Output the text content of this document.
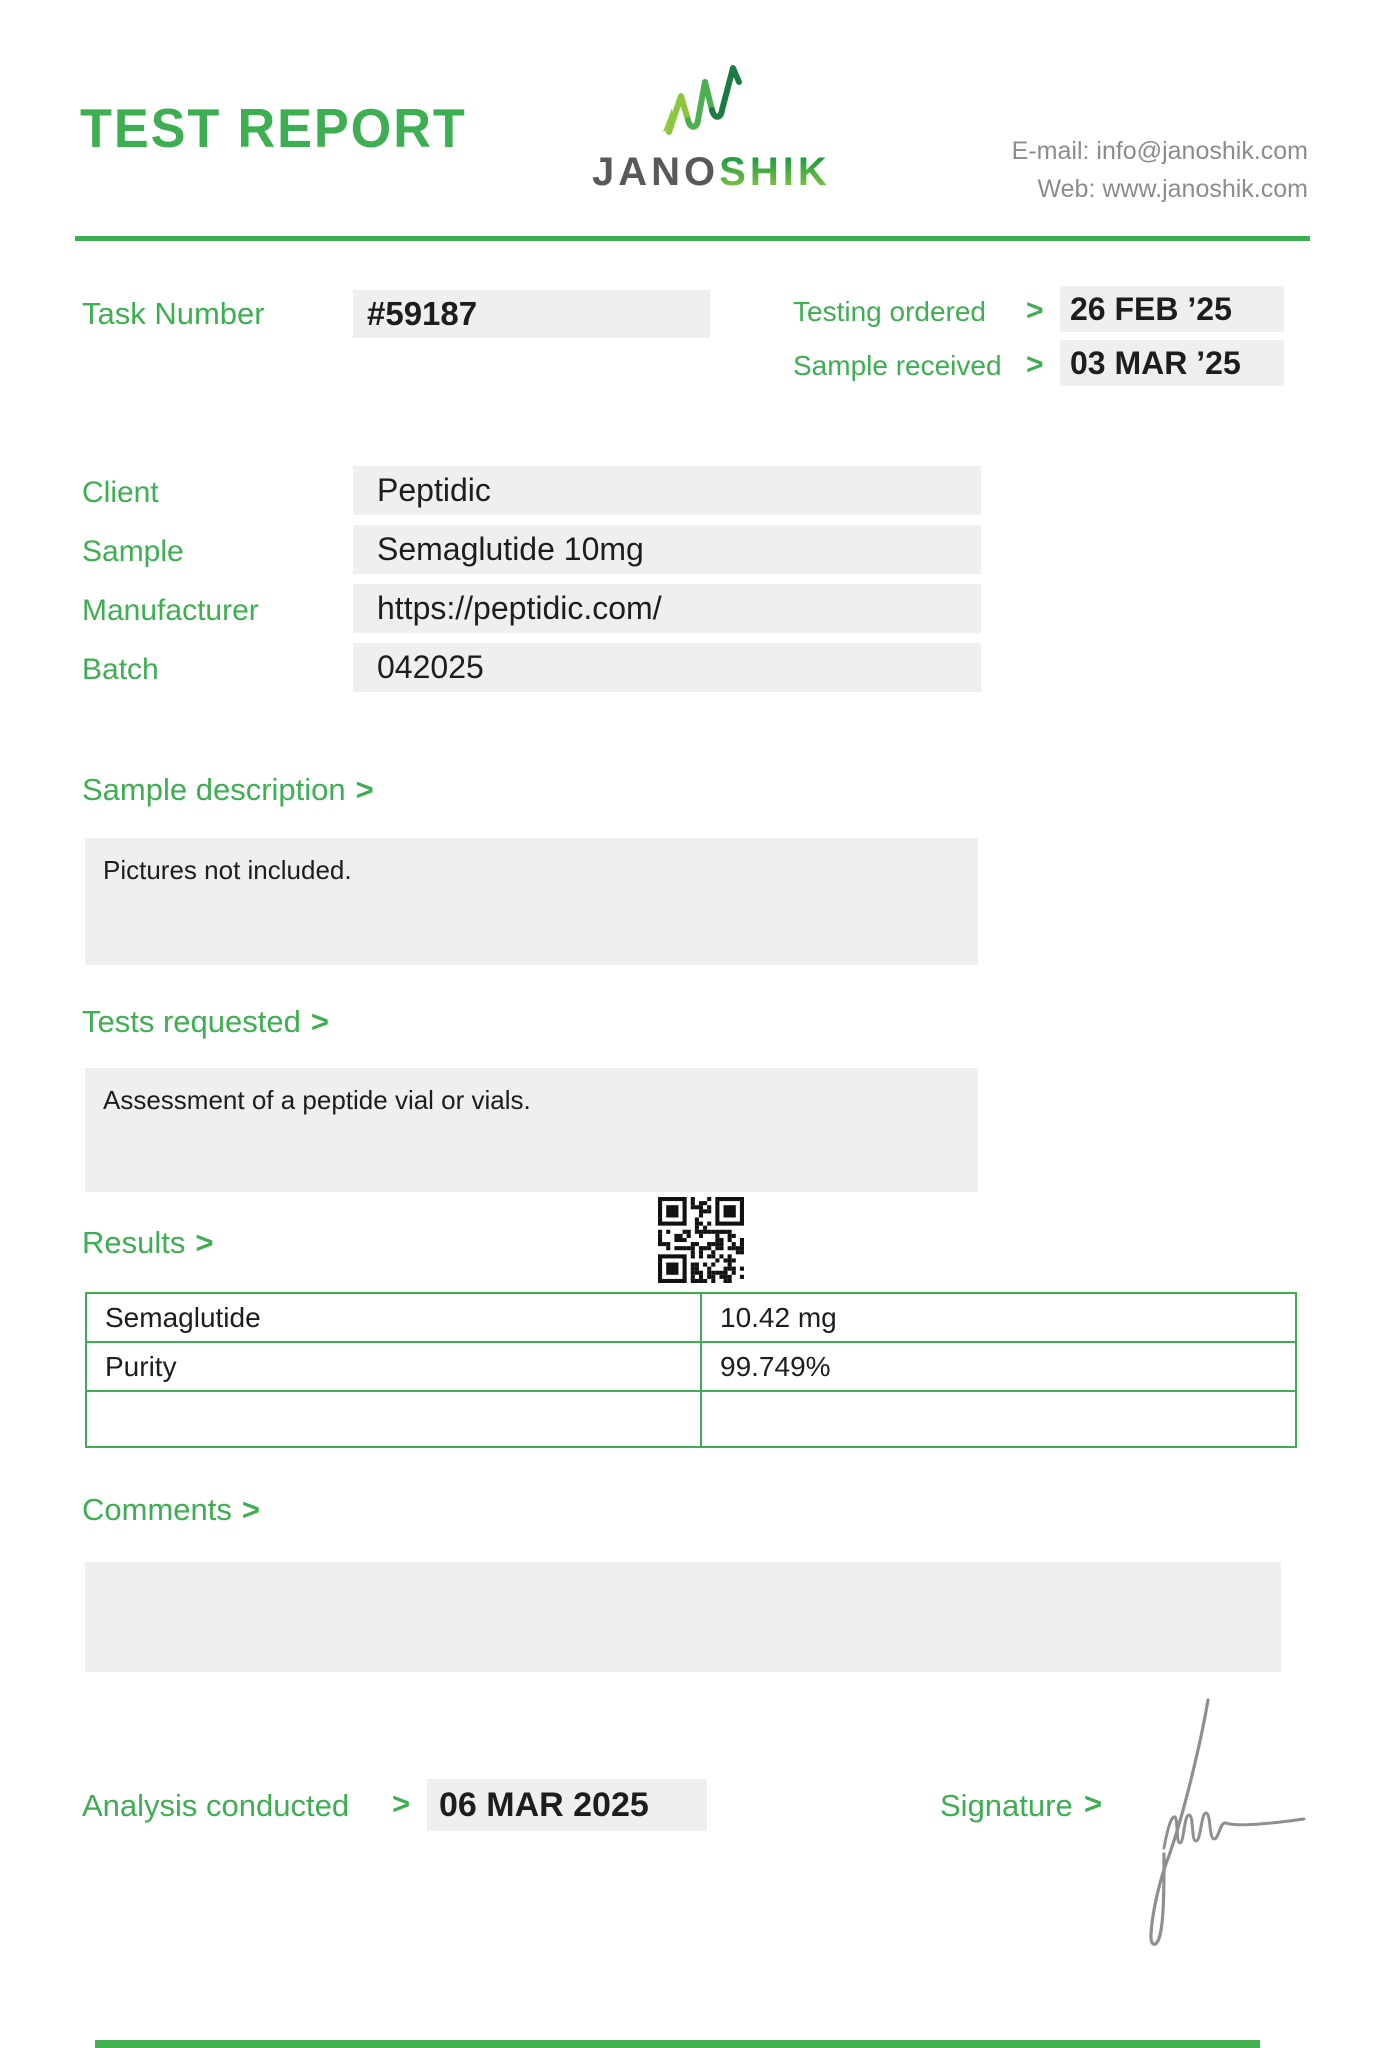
TEST REPORT
JANOSHIK	E-mail: info@janoshik.com
Web: www.janoshik.com
Task Number	#59187	Testing ordered > 26 FEB ’25
Sample received > 03 MAR ’25
Client	Peptidic
Sample	Semaglutide 10mg
Manufacturer	https://peptidic.com/
Batch	042025
Sample description >
Pictures not included.
Tests requested >
Assessment of a peptide vial or vials.
Results >
Semaglutide	10.42 mg
Purity	99.749%

Comments >
Analysis conducted > 06 MAR 2025	Signature >
